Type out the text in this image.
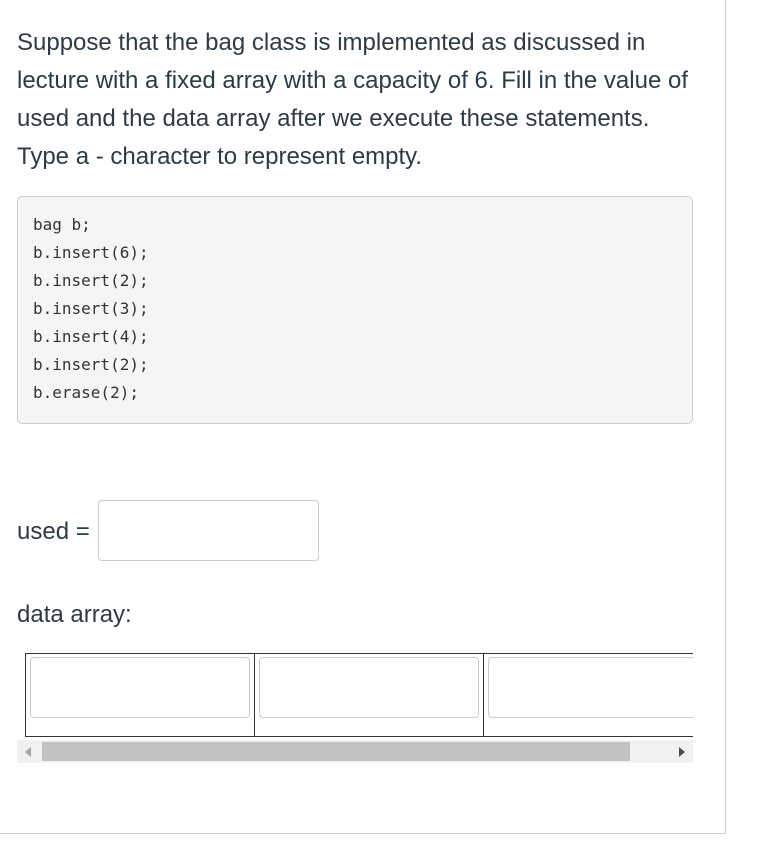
Suppose that the bag class is implemented as discussed in lecture with a fixed array with a capacity of 6. Fill in the value of used and the data array after we execute these statements. Type a - character to represent empty.

bag b;
b.insert(6);
b.insert(2);
b.insert(3);
b.insert(4);
b.insert(2);
b.erase(2);
used =
data array:
